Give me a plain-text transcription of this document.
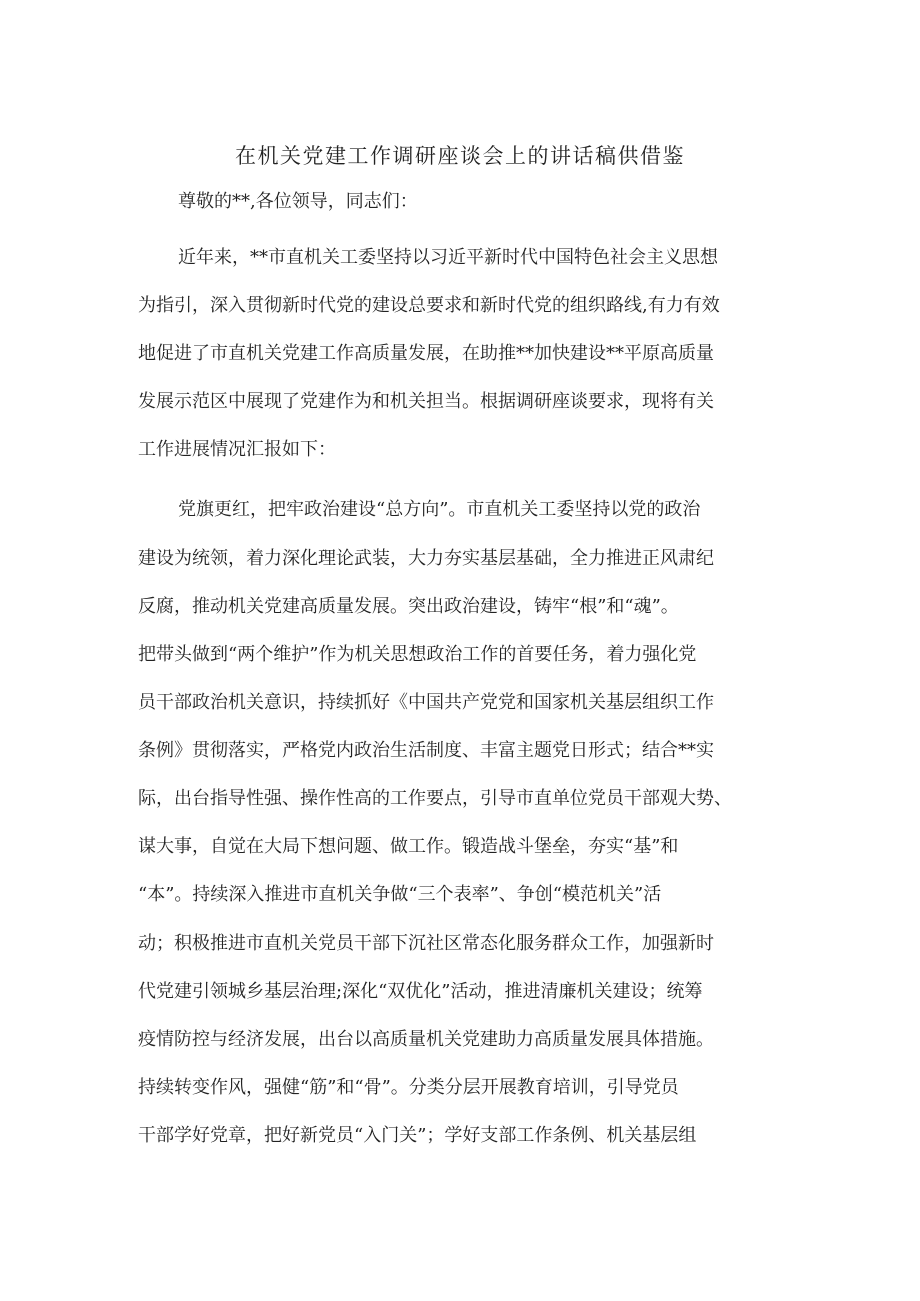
在机关党建工作调研座谈会上的讲话稿供借鉴
尊敬的**,各位领导，同志们：
近年来，**市直机关工委坚持以习近平新时代中国特色社会主义思想
为指引，深入贯彻新时代党的建设总要求和新时代党的组织路线,有力有效
地促进了市直机关党建工作高质量发展，在助推**加快建设**平原高质量
发展示范区中展现了党建作为和机关担当。根据调研座谈要求，现将有关
工作进展情况汇报如下：
党旗更红，把牢政治建设“总方向”。市直机关工委坚持以党的政治
建设为统领，着力深化理论武装，大力夯实基层基础，全力推进正风肃纪
反腐，推动机关党建高质量发展。突出政治建设，铸牢“根”和“魂”。
把带头做到“两个维护”作为机关思想政治工作的首要任务，着力强化党
员干部政治机关意识，持续抓好《中国共产党党和国家机关基层组织工作
条例》贯彻落实，严格党内政治生活制度、丰富主题党日形式；结合**实
际，出台指导性强、操作性高的工作要点，引导市直单位党员干部观大势、
谋大事，自觉在大局下想问题、做工作。锻造战斗堡垒，夯实“基”和
“本”。持续深入推进市直机关争做“三个表率”、争创“模范机关”活
动；积极推进市直机关党员干部下沉社区常态化服务群众工作，加强新时
代党建引领城乡基层治理;深化“双优化”活动，推进清廉机关建设；统筹
疫情防控与经济发展，出台以高质量机关党建助力高质量发展具体措施。
持续转变作风，强健“筋”和“骨”。分类分层开展教育培训，引导党员
干部学好党章，把好新党员“入门关”；学好支部工作条例、机关基层组
